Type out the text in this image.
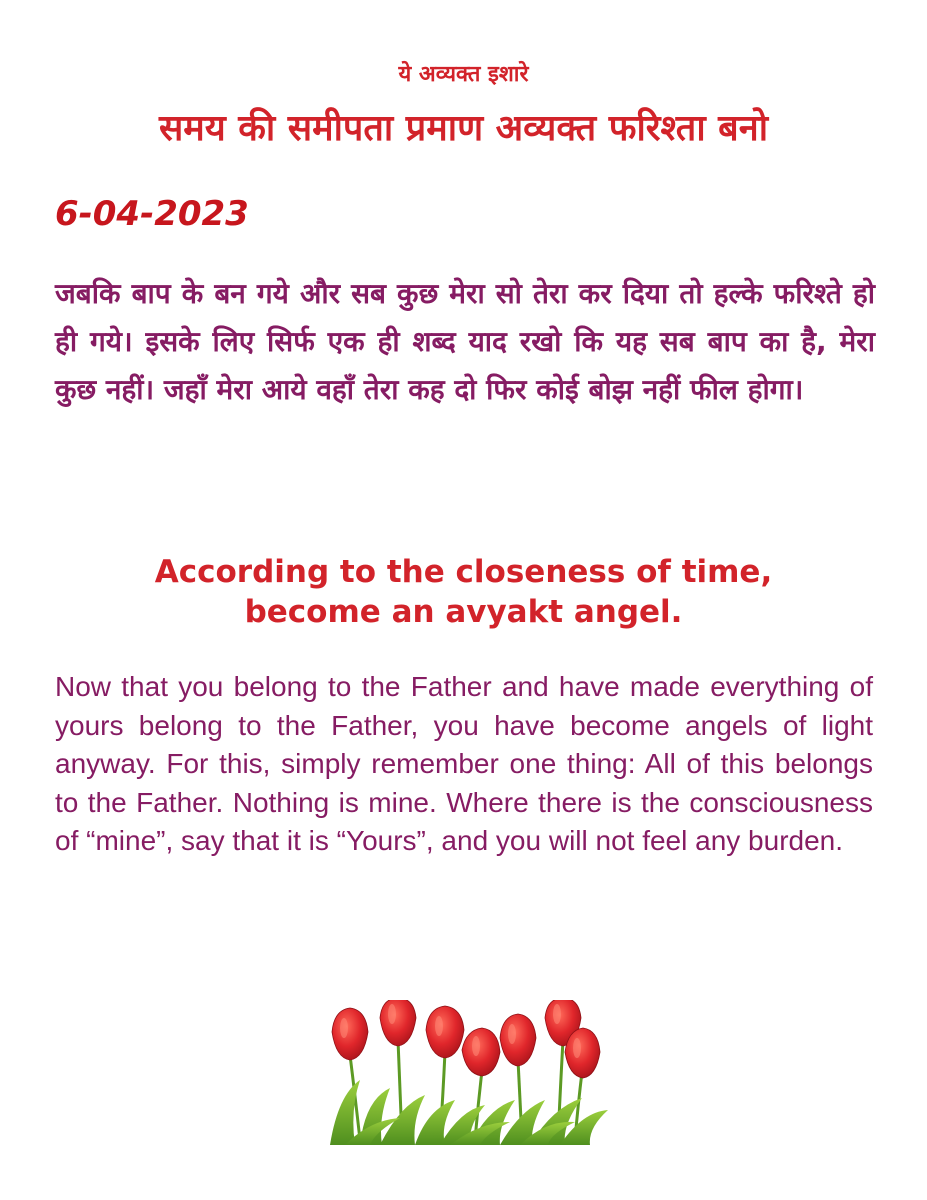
ये अव्यक्त इशारे
समय की समीपता प्रमाण अव्यक्त फरिश्ता बनो
6-04-2023
जबकि बाप के बन गये और सब कुछ मेरा सो तेरा कर दिया तो हल्के फरिश्ते हो ही गये। इसके लिए सिर्फ एक ही शब्द याद रखो कि यह सब बाप का है, मेरा कुछ नहीं। जहाँ मेरा आये वहाँ तेरा कह दो फिर कोई बोझ नहीं फील होगा।
According to the closeness of time,
become an avyakt angel.
Now that you belong to the Father and have made everything of yours belong to the Father, you have become angels of light anyway. For this, simply remember one thing: All of this belongs to the Father. Nothing is mine. Where there is the consciousness of “mine”, say that it is “Yours”, and you will not feel any burden.
